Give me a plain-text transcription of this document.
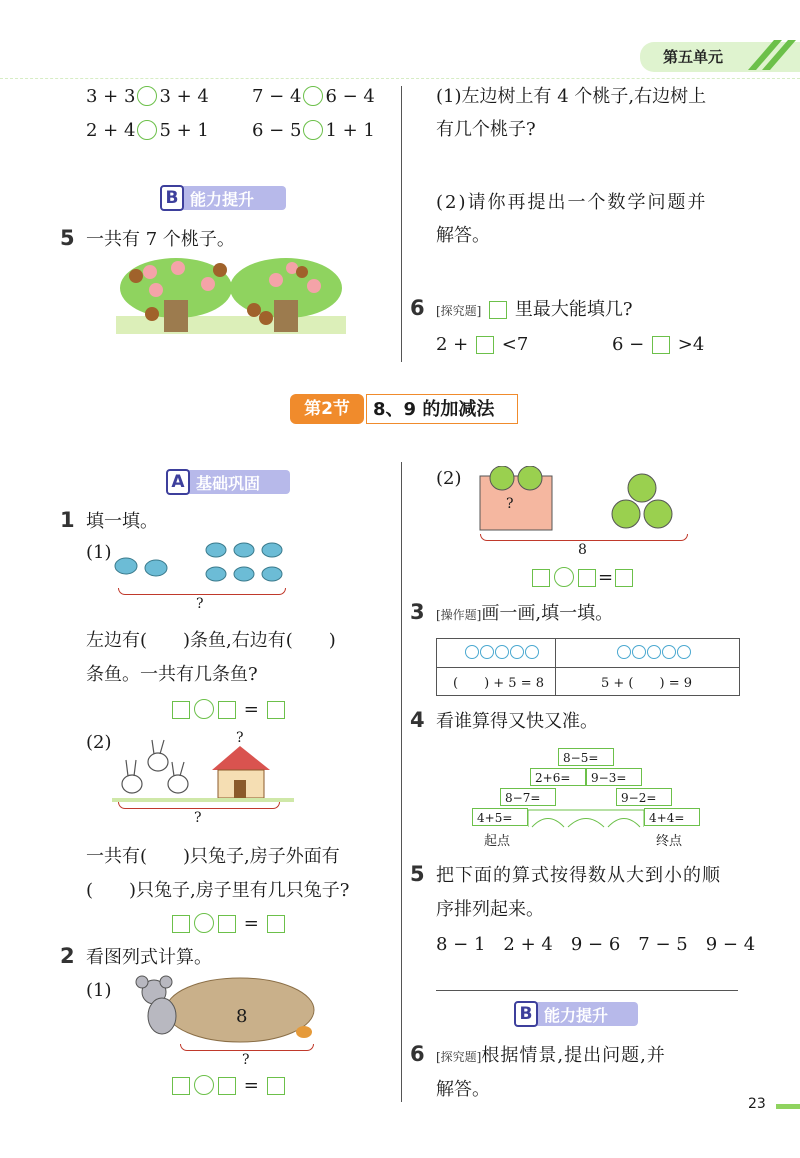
第五单元
3 + 3 3 + 4 7 − 4 6 − 4
2 + 4 5 + 1 6 − 5 1 + 1
B 能力提升
5 一共有 7 个桃子。
(1)左边树上有 4 个桃子,右边树上
有几个桃子?
(2)请你再提出一个数学问题并
解答。
6 [探究题] 里最大能填几?
2 + <7	6 − >4
第2节	8、9 的加减法
A 基础巩固
1 填一填。
(1)
?
左边有(　　)条鱼,右边有(　　)
条鱼。一共有几条鱼?
=
(2)	?
?
一共有(　　)只兔子,房子外面有
(　　)只兔子,房子里有几只兔子?
=
2 看图列式计算。
(1)
8
?
=
(2)
?
8
=
3 [操作题]画一画,填一填。
(　　) + 5 = 8	5 + (　　) = 9
4 看谁算得又快又准。
8−5=
2+6=	9−3=
8−7=	9−2=
4+5=	4+4=
起点	终点
5 把下面的算式按得数从大到小的顺
序排列起来。
8 − 1　2 + 4　9 − 6　7 − 5　9 − 4
B 能力提升
6 [探究题]根据情景,提出问题,并
解答。
23
